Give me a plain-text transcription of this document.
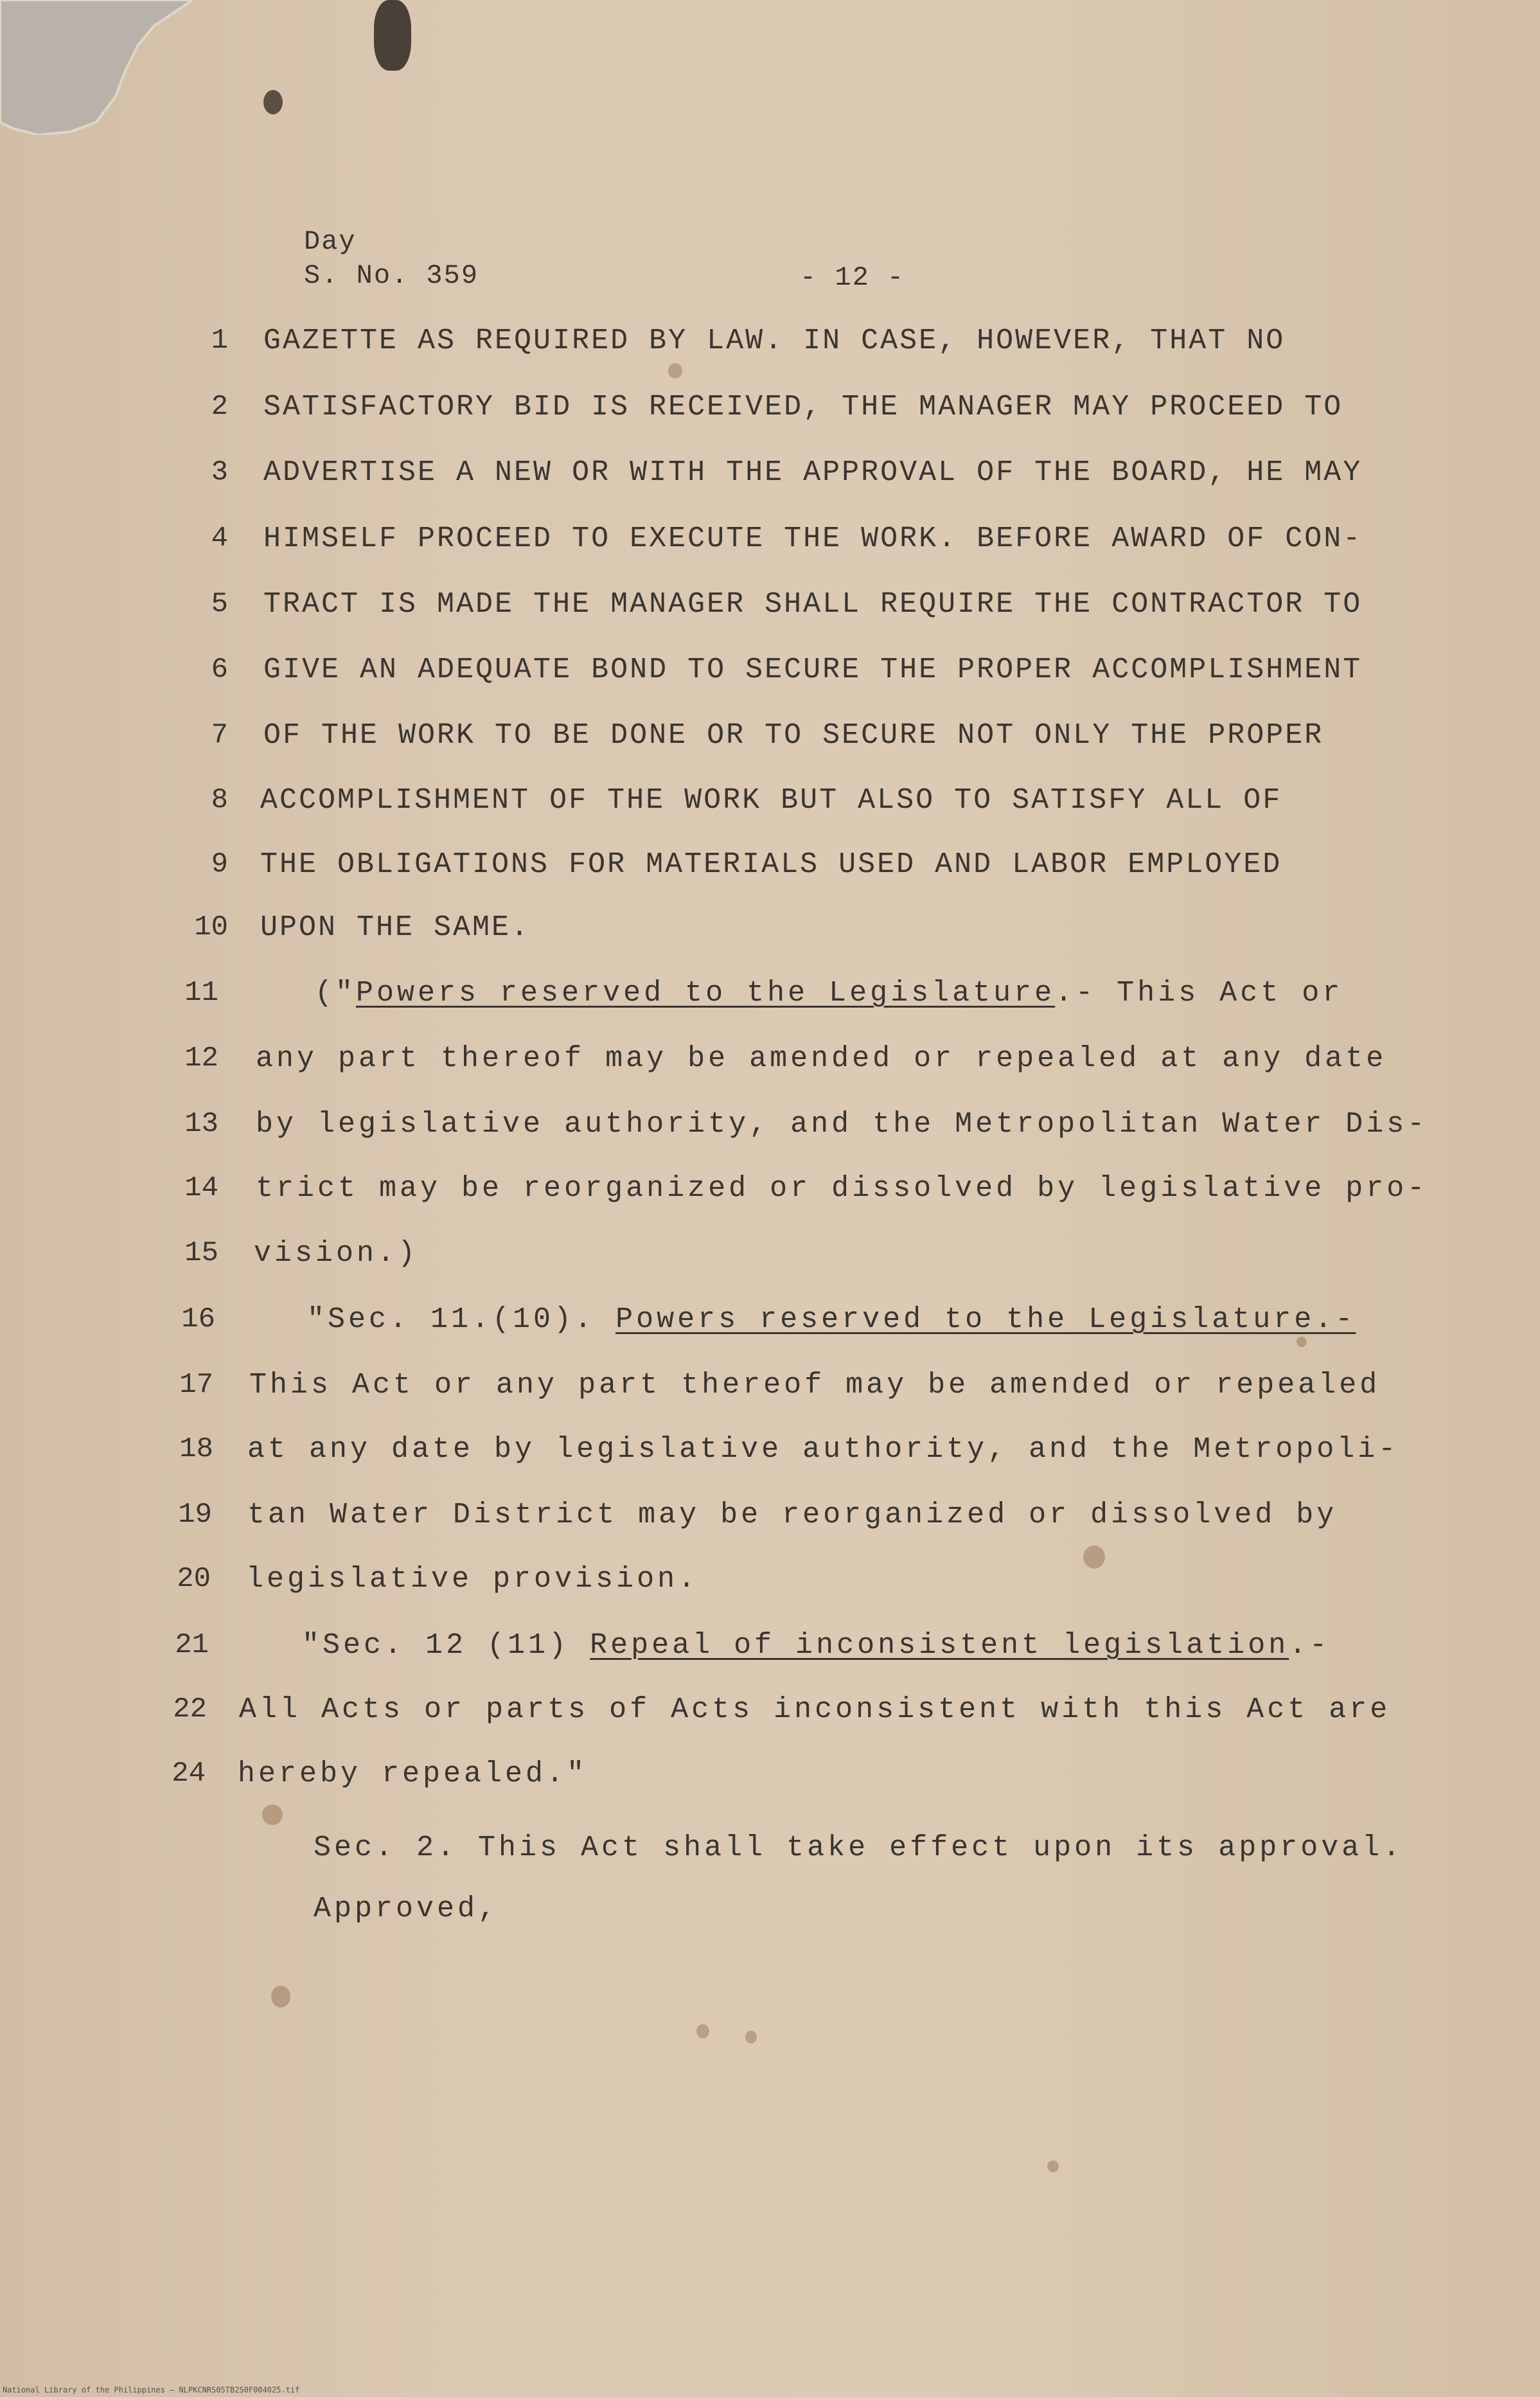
Day
S. No. 359	- 12 -
1 GAZETTE AS REQUIRED BY LAW. IN CASE, HOWEVER, THAT NO
2 SATISFACTORY BID IS RECEIVED, THE MANAGER MAY PROCEED TO
3 ADVERTISE A NEW OR WITH THE APPROVAL OF THE BOARD, HE MAY
4 HIMSELF PROCEED TO EXECUTE THE WORK. BEFORE AWARD OF CON-
5 TRACT IS MADE THE MANAGER SHALL REQUIRE THE CONTRACTOR TO
6 GIVE AN ADEQUATE BOND TO SECURE THE PROPER ACCOMPLISHMENT
7 OF THE WORK TO BE DONE OR TO SECURE NOT ONLY THE PROPER
8 ACCOMPLISHMENT OF THE WORK BUT ALSO TO SATISFY ALL OF
9 THE OBLIGATIONS FOR MATERIALS USED AND LABOR EMPLOYED
10 UPON THE SAME.
11	("Powers reserved to the Legislature.- This Act or
12 any part thereof may be amended or repealed at any date
13 by legislative authority, and the Metropolitan Water Dis-
14 trict may be reorganized or dissolved by legislative pro-
15 vision.)
16	"Sec. 11.(10). Powers reserved to the Legislature.-
17 This Act or any part thereof may be amended or repealed
18 at any date by legislative authority, and the Metropoli-
19 tan Water District may be reorganized or dissolved by
20 legislative provision.
21	"Sec. 12 (11) Repeal of inconsistent legislation.-
22 All Acts or parts of Acts inconsistent with this Act are
24 hereby repealed."
Sec. 2. This Act shall take effect upon its approval.
Approved,
National Library of the Philippines — NLPKCNRS05TB2S0F004025.tif
